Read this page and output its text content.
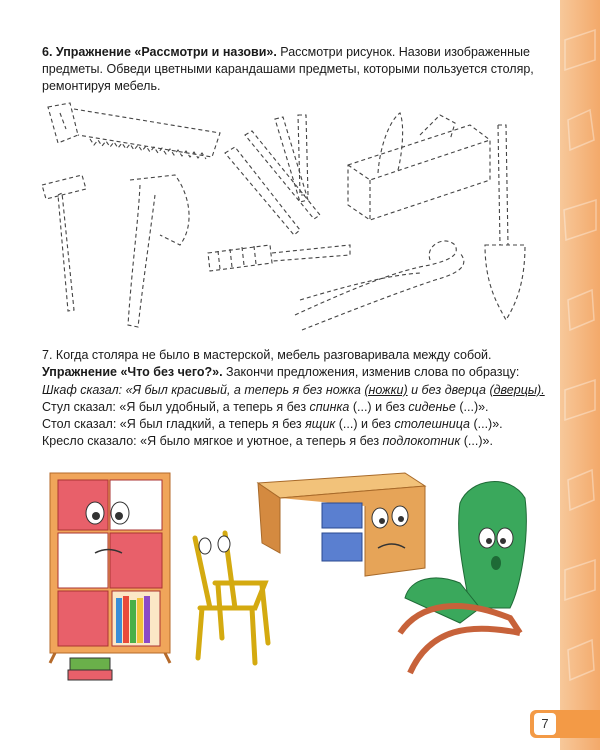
6. Упражнение «Рассмотри и назови». Рассмотри рисунок. Назови изображенные предметы. Обведи цветными карандашами предметы, которыми пользуется столяр, ремонтируя мебель.
7. Когда столяра не было в мастерской, мебель разговаривала между собой. Упражнение «Что без чего?». Закончи предложения, изменив слова по образцу:
Шкаф сказал: «Я был красивый, а теперь я без ножка (ножки) и без дверца (дверцы).
Стул сказал: «Я был удобный, а теперь я без спинка (...) и без сиденье (...)».
Стол сказал: «Я был гладкий, а теперь я без ящик (...) и без столешница (...)».
Кресло сказало: «Я было мягкое и уютное, а теперь я без подлокотник (...)».
7
